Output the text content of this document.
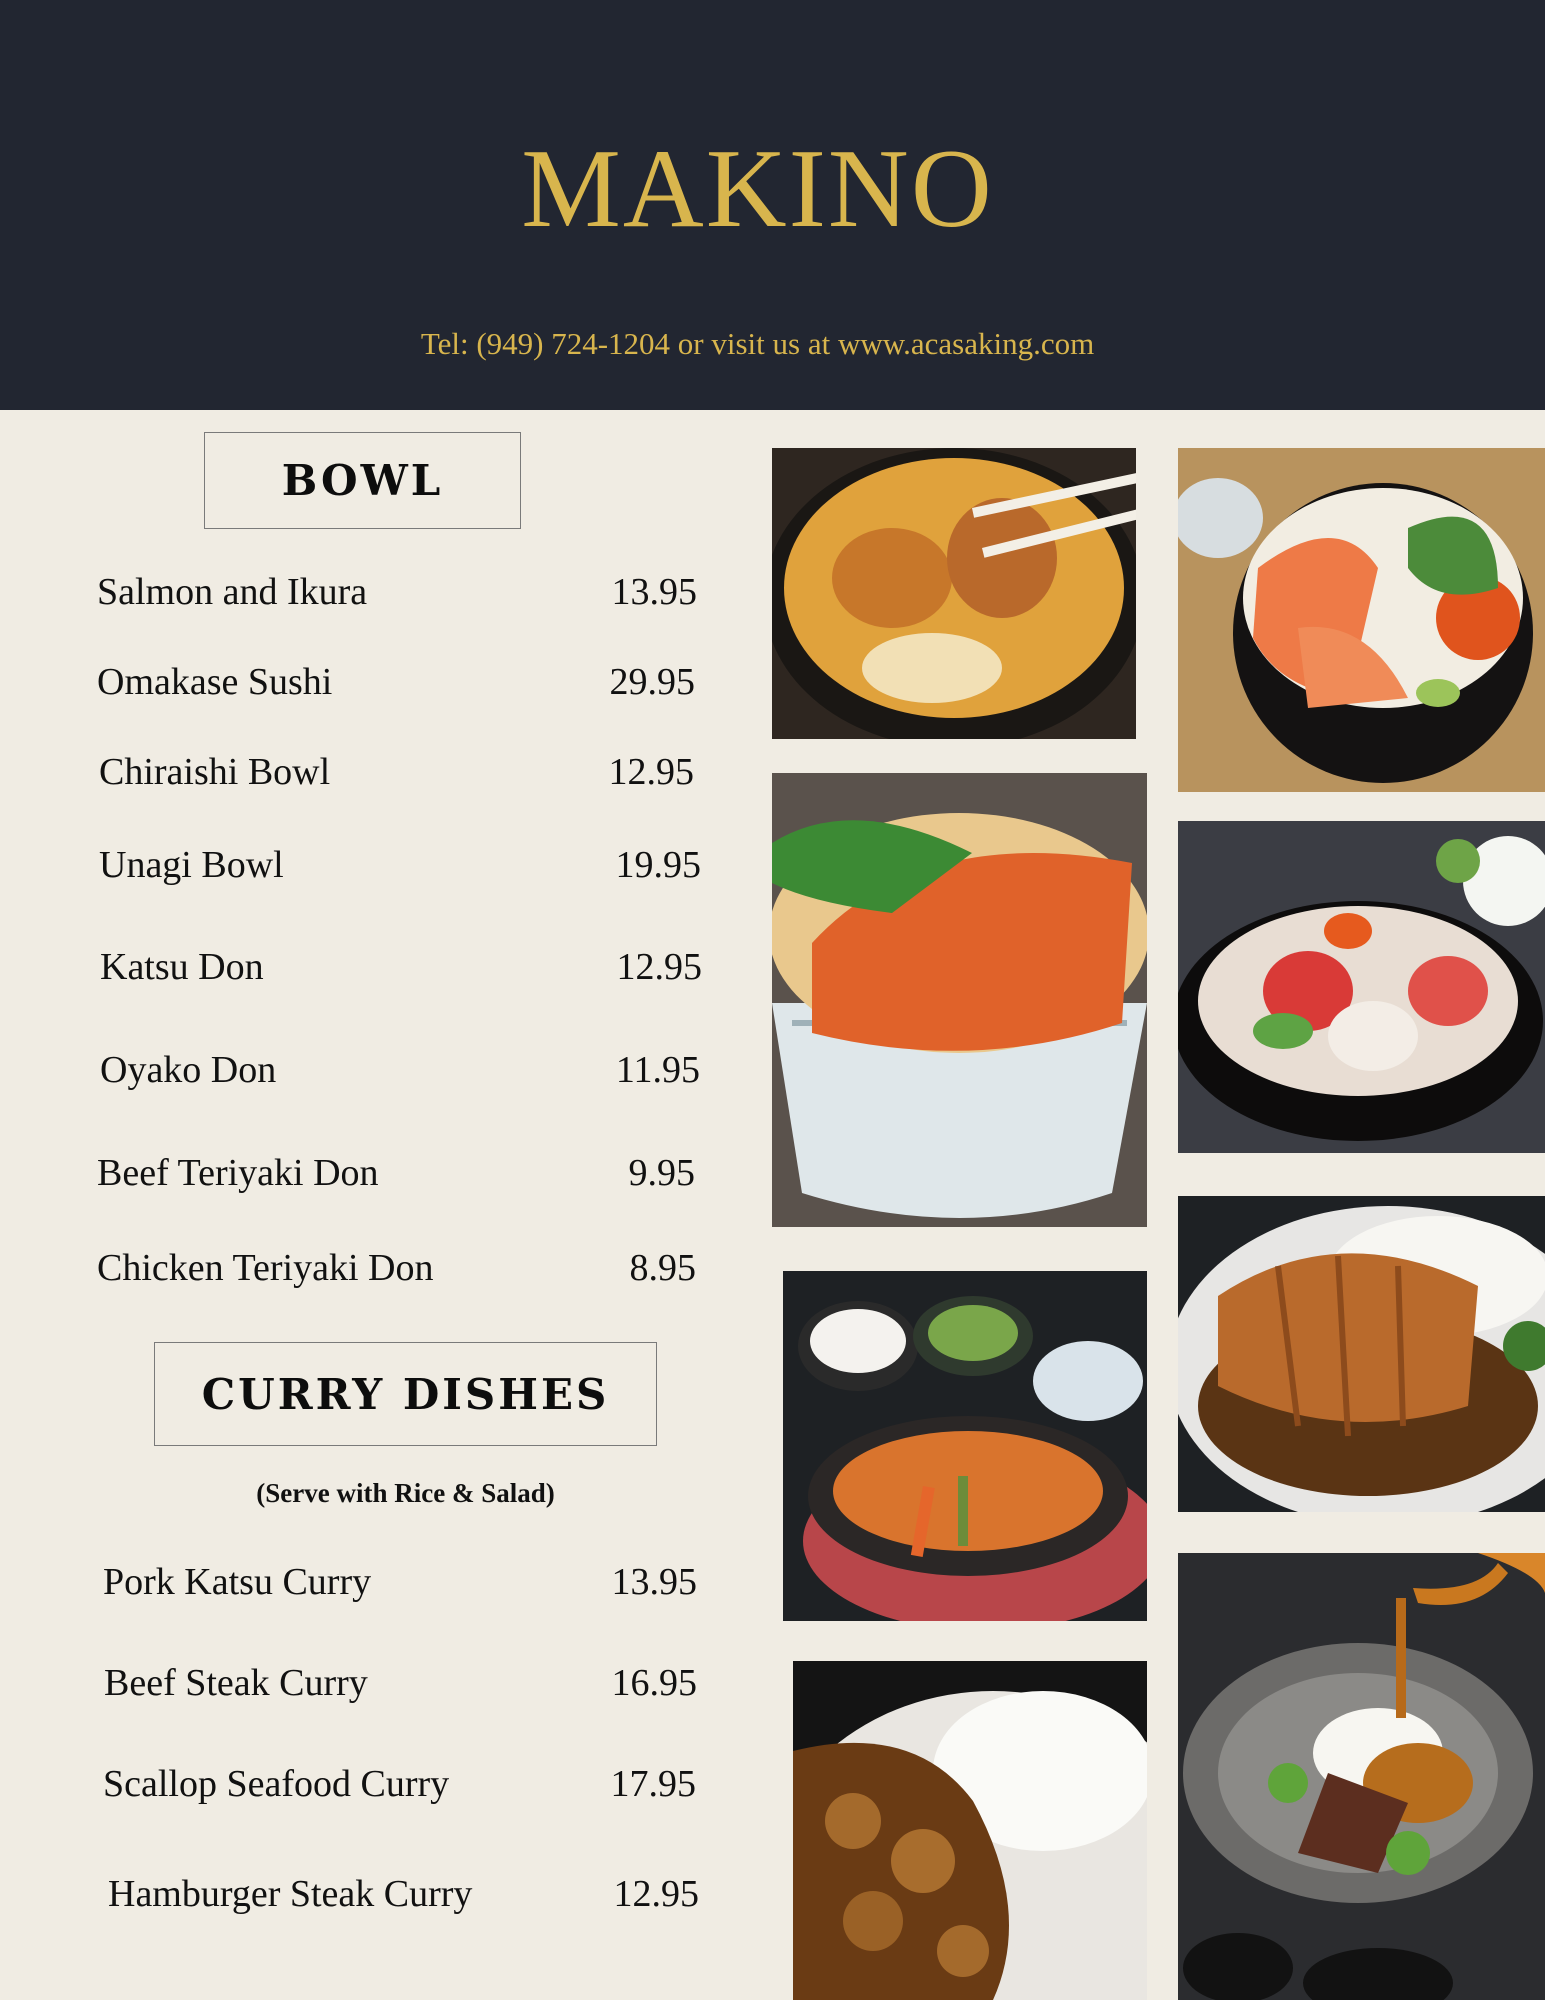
MAKINO
Tel: (949) 724-1204 or visit us at www.acasaking.com
BOWL
Salmon and Ikura	13.95
Omakase Sushi	29.95
Chiraishi Bowl	12.95
Unagi Bowl	19.95
Katsu Don	12.95
Oyako Don	11.95
Beef Teriyaki Don	9.95
Chicken Teriyaki Don	8.95
CURRY DISHES
(Serve with Rice & Salad)
Pork Katsu Curry	13.95
Beef Steak Curry	16.95
Scallop Seafood Curry	17.95
Hamburger Steak Curry	12.95
